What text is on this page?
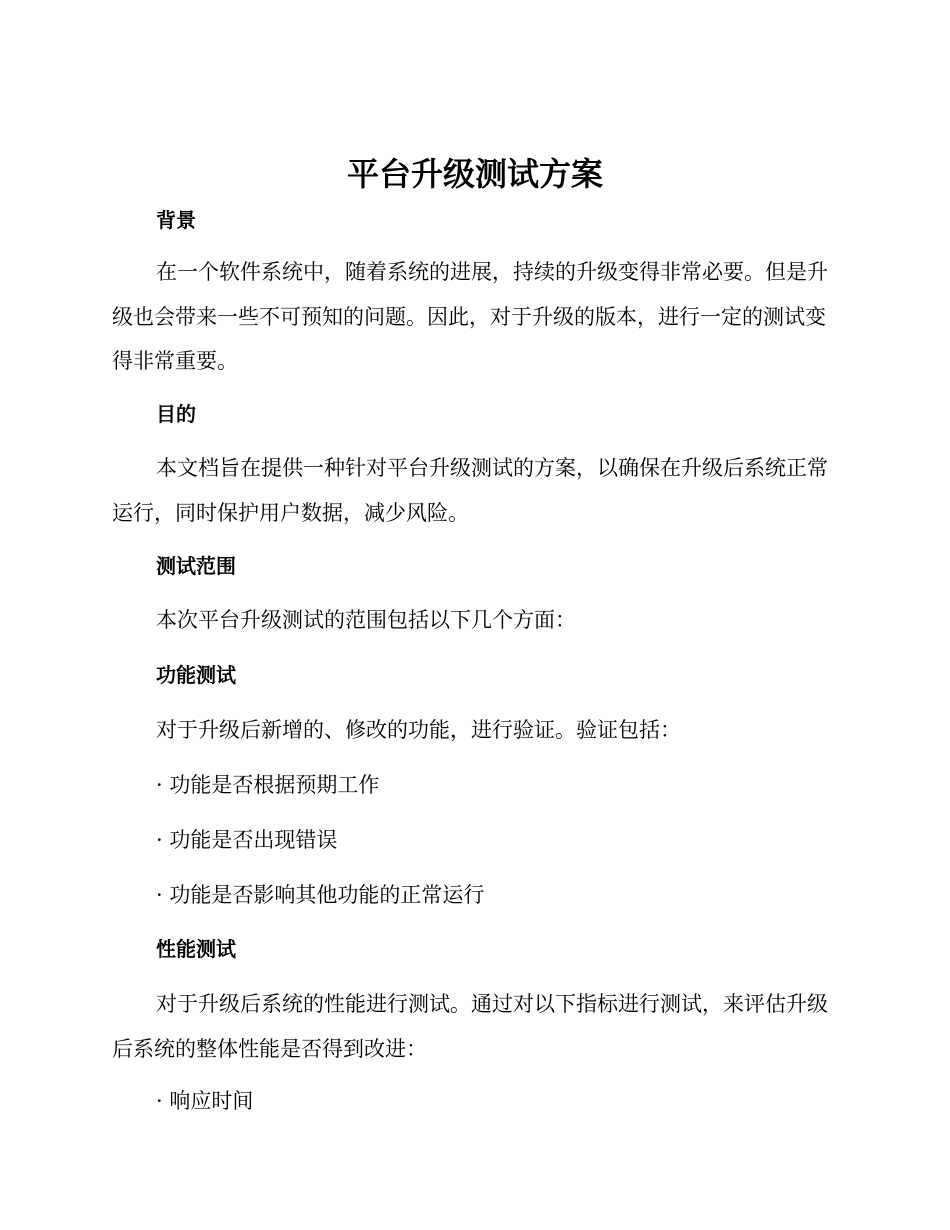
平台升级测试方案
背景

在一个软件系统中，随着系统的进展，持续的升级变得非常必要。但是升级也会带来一些不可预知的问题。因此，对于升级的版本，进行一定的测试变得非常重要。

目的

本文档旨在提供一种针对平台升级测试的方案，以确保在升级后系统正常运行，同时保护用户数据，减少风险。

测试范围

本次平台升级测试的范围包括以下几个方面：

功能测试

对于升级后新增的、修改的功能，进行验证。验证包括：

· 功能是否根据预期工作

· 功能是否出现错误

· 功能是否影响其他功能的正常运行

性能测试

对于升级后系统的性能进行测试。通过对以下指标进行测试，来评估升级后系统的整体性能是否得到改进：

· 响应时间
